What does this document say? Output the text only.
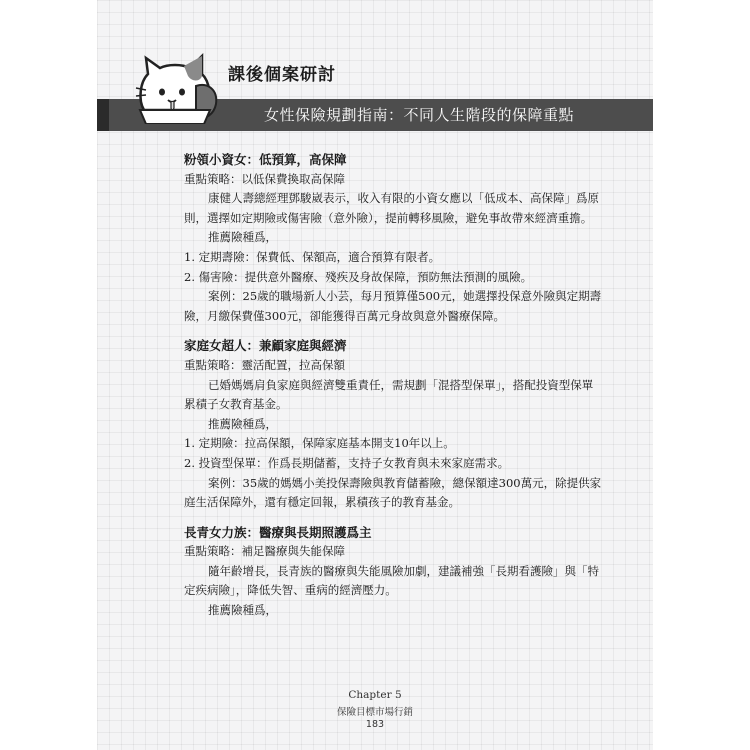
課後個案研討
女性保險規劃指南：不同人生階段的保障重點

粉領小資女：低預算，高保障

重點策略：以低保費換取高保障

康健人壽總經理鄧駿崴表示，收入有限的小資女應以「低成本、高保障」爲原則，選擇如定期險或傷害險（意外險），提前轉移風險，避免事故帶來經濟重擔。

推薦險種爲，

1. 定期壽險：保費低、保額高，適合預算有限者。

2. 傷害險：提供意外醫療、殘疾及身故保障，預防無法預測的風險。

案例：25歲的職場新人小芸，每月預算僅500元，她選擇投保意外險與定期壽險，月繳保費僅300元，卻能獲得百萬元身故與意外醫療保障。

家庭女超人：兼顧家庭與經濟

重點策略：靈活配置，拉高保額

已婚媽媽肩負家庭與經濟雙重責任，需規劃「混搭型保單」，搭配投資型保單累積子女教育基金。

推薦險種爲，

1. 定期險：拉高保額，保障家庭基本開支10年以上。

2. 投資型保單：作爲長期儲蓄，支持子女教育與未來家庭需求。

案例：35歲的媽媽小美投保壽險與教育儲蓄險，總保額達300萬元，除提供家庭生活保障外，還有穩定回報，累積孩子的教育基金。

長青女力族：醫療與長期照護爲主

重點策略：補足醫療與失能保障

隨年齡增長，長青族的醫療與失能風險加劇，建議補強「長期看護險」與「特定疾病險」，降低失智、重病的經濟壓力。

推薦險種爲，

Chapter 5
保險目標市場行銷
183
